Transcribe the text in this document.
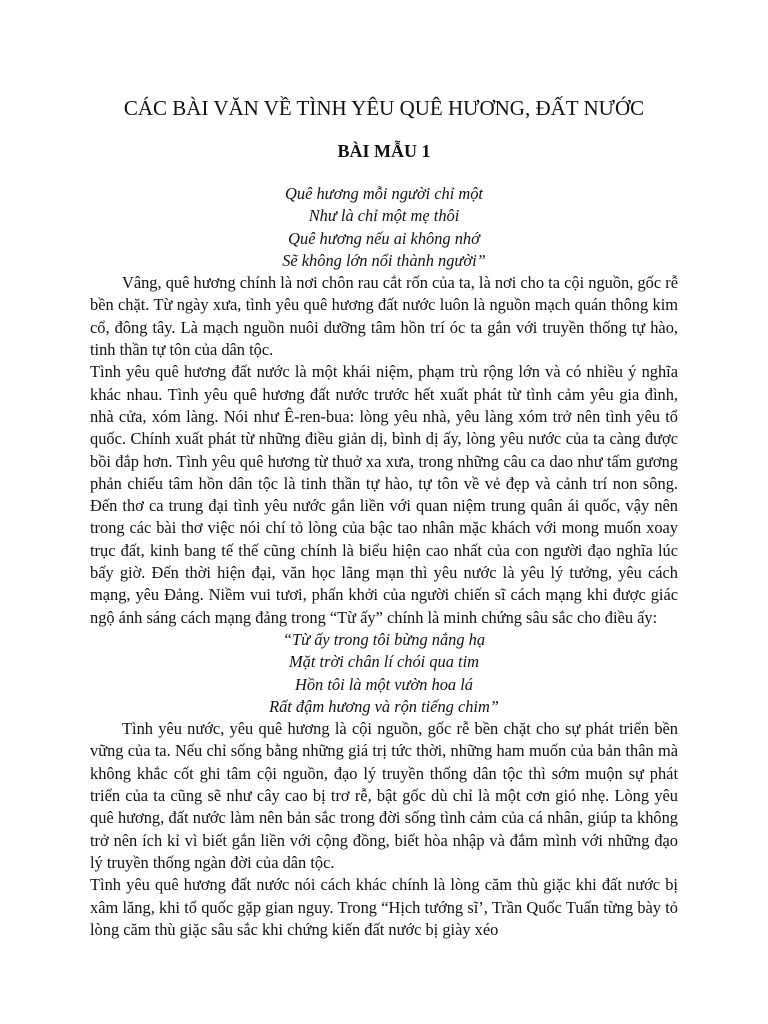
CÁC BÀI VĂN VỀ TÌNH YÊU QUÊ HƯƠNG, ĐẤT NƯỚC
BÀI MẪU 1
Quê hương mỗi người chỉ một
Như là chỉ một mẹ thôi
Quê hương nếu ai không nhớ
Sẽ không lớn nổi thành người”

Vâng, quê hương chính là nơi chôn rau cắt rốn của ta, là nơi cho ta cội nguồn, gốc rễ bền chặt. Từ ngày xưa, tình yêu quê hương đất nước luôn là nguồn mạch quán thông kim cổ, đông tây. Là mạch nguồn nuôi dưỡng tâm hồn trí óc ta gắn với truyền thống tự hào, tinh thần tự tôn của dân tộc.

Tình yêu quê hương đất nước là một khái niệm, phạm trù rộng lớn và có nhiều ý nghĩa khác nhau. Tình yêu quê hương đất nước trước hết xuất phát từ tình cảm yêu gia đình, nhà cửa, xóm làng. Nói như Ê-ren-bua: lòng yêu nhà, yêu làng xóm trở nên tình yêu tổ quốc. Chính xuất phát từ những điều giản dị, bình dị ấy, lòng yêu nước của ta càng được bồi đắp hơn. Tình yêu quê hương từ thuở xa xưa, trong những câu ca dao như tấm gương phản chiếu tâm hồn dân tộc là tinh thần tự hào, tự tôn về vẻ đẹp và cảnh trí non sông. Đến thơ ca trung đại tình yêu nước gắn liền với quan niệm trung quân ái quốc, vậy nên trong các bài thơ việc nói chí tỏ lòng của bậc tao nhân mặc khách với mong muốn xoay trục đất, kinh bang tế thế cũng chính là biểu hiện cao nhất của con người đạo nghĩa lúc bấy giờ. Đến thời hiện đại, văn học lãng mạn thì yêu nước là yêu lý tưởng, yêu cách mạng, yêu Đảng. Niềm vui tươi, phấn khởi của người chiến sĩ cách mạng khi được giác ngộ ánh sáng cách mạng đảng trong “Từ ấy” chính là minh chứng sâu sắc cho điều ấy:

“Từ ấy trong tôi bừng nắng hạ
Mặt trời chân lí chói qua tim
Hồn tôi là một vườn hoa lá
Rất đậm hương và rộn tiếng chim”

Tình yêu nước, yêu quê hương là cội nguồn, gốc rễ bền chặt cho sự phát triển bền vững của ta. Nếu chỉ sống bằng những giá trị tức thời, những ham muốn của bản thân mà không khắc cốt ghi tâm cội nguồn, đạo lý truyền thống dân tộc thì sớm muộn sự phát triển của ta cũng sẽ như cây cao bị trơ rễ, bật gốc dù chỉ là một cơn gió nhẹ. Lòng yêu quê hương, đất nước làm nên bản sắc trong đời sống tình cảm của cá nhân, giúp ta không trở nên ích kỉ vì biết gắn liền với cộng đồng, biết hòa nhập và đắm mình với những đạo lý truyền thống ngàn đời của dân tộc.

Tình yêu quê hương đất nước nói cách khác chính là lòng căm thù giặc khi đất nước bị xâm lăng, khi tổ quốc gặp gian nguy. Trong “Hịch tướng sĩ’, Trần Quốc Tuấn từng bày tỏ lòng căm thù giặc sâu sắc khi chứng kiến đất nước bị giày xéo
